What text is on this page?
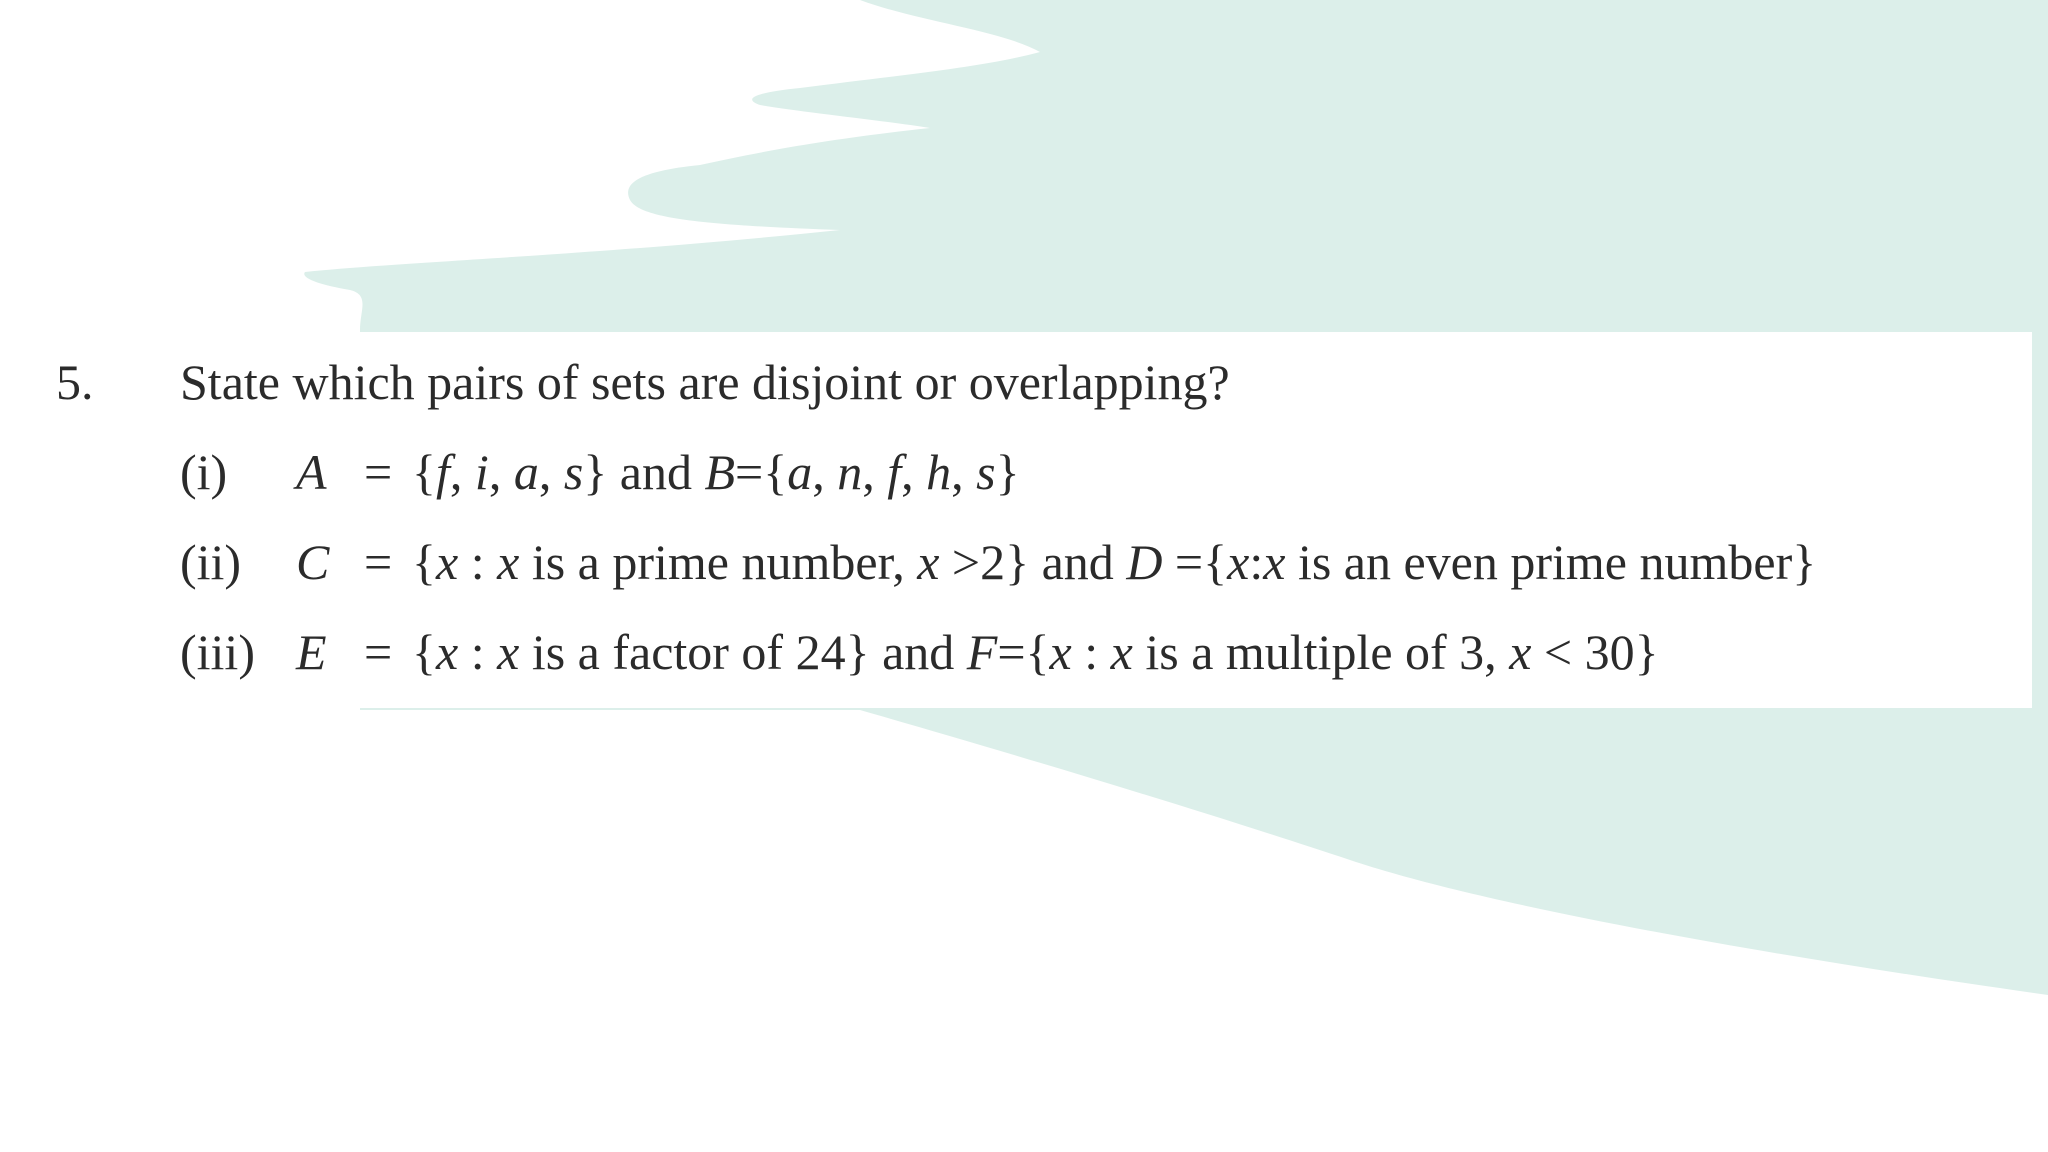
5. State which pairs of sets are disjoint or overlapping?
(i) A = {f, i, a, s} and B={a, n, f, h, s}
(ii) C = {x : x is a prime number, x >2} and D ={x:x is an even prime number}
(iii) E = {x : x is a factor of 24} and F={x : x is a multiple of 3, x < 30}
